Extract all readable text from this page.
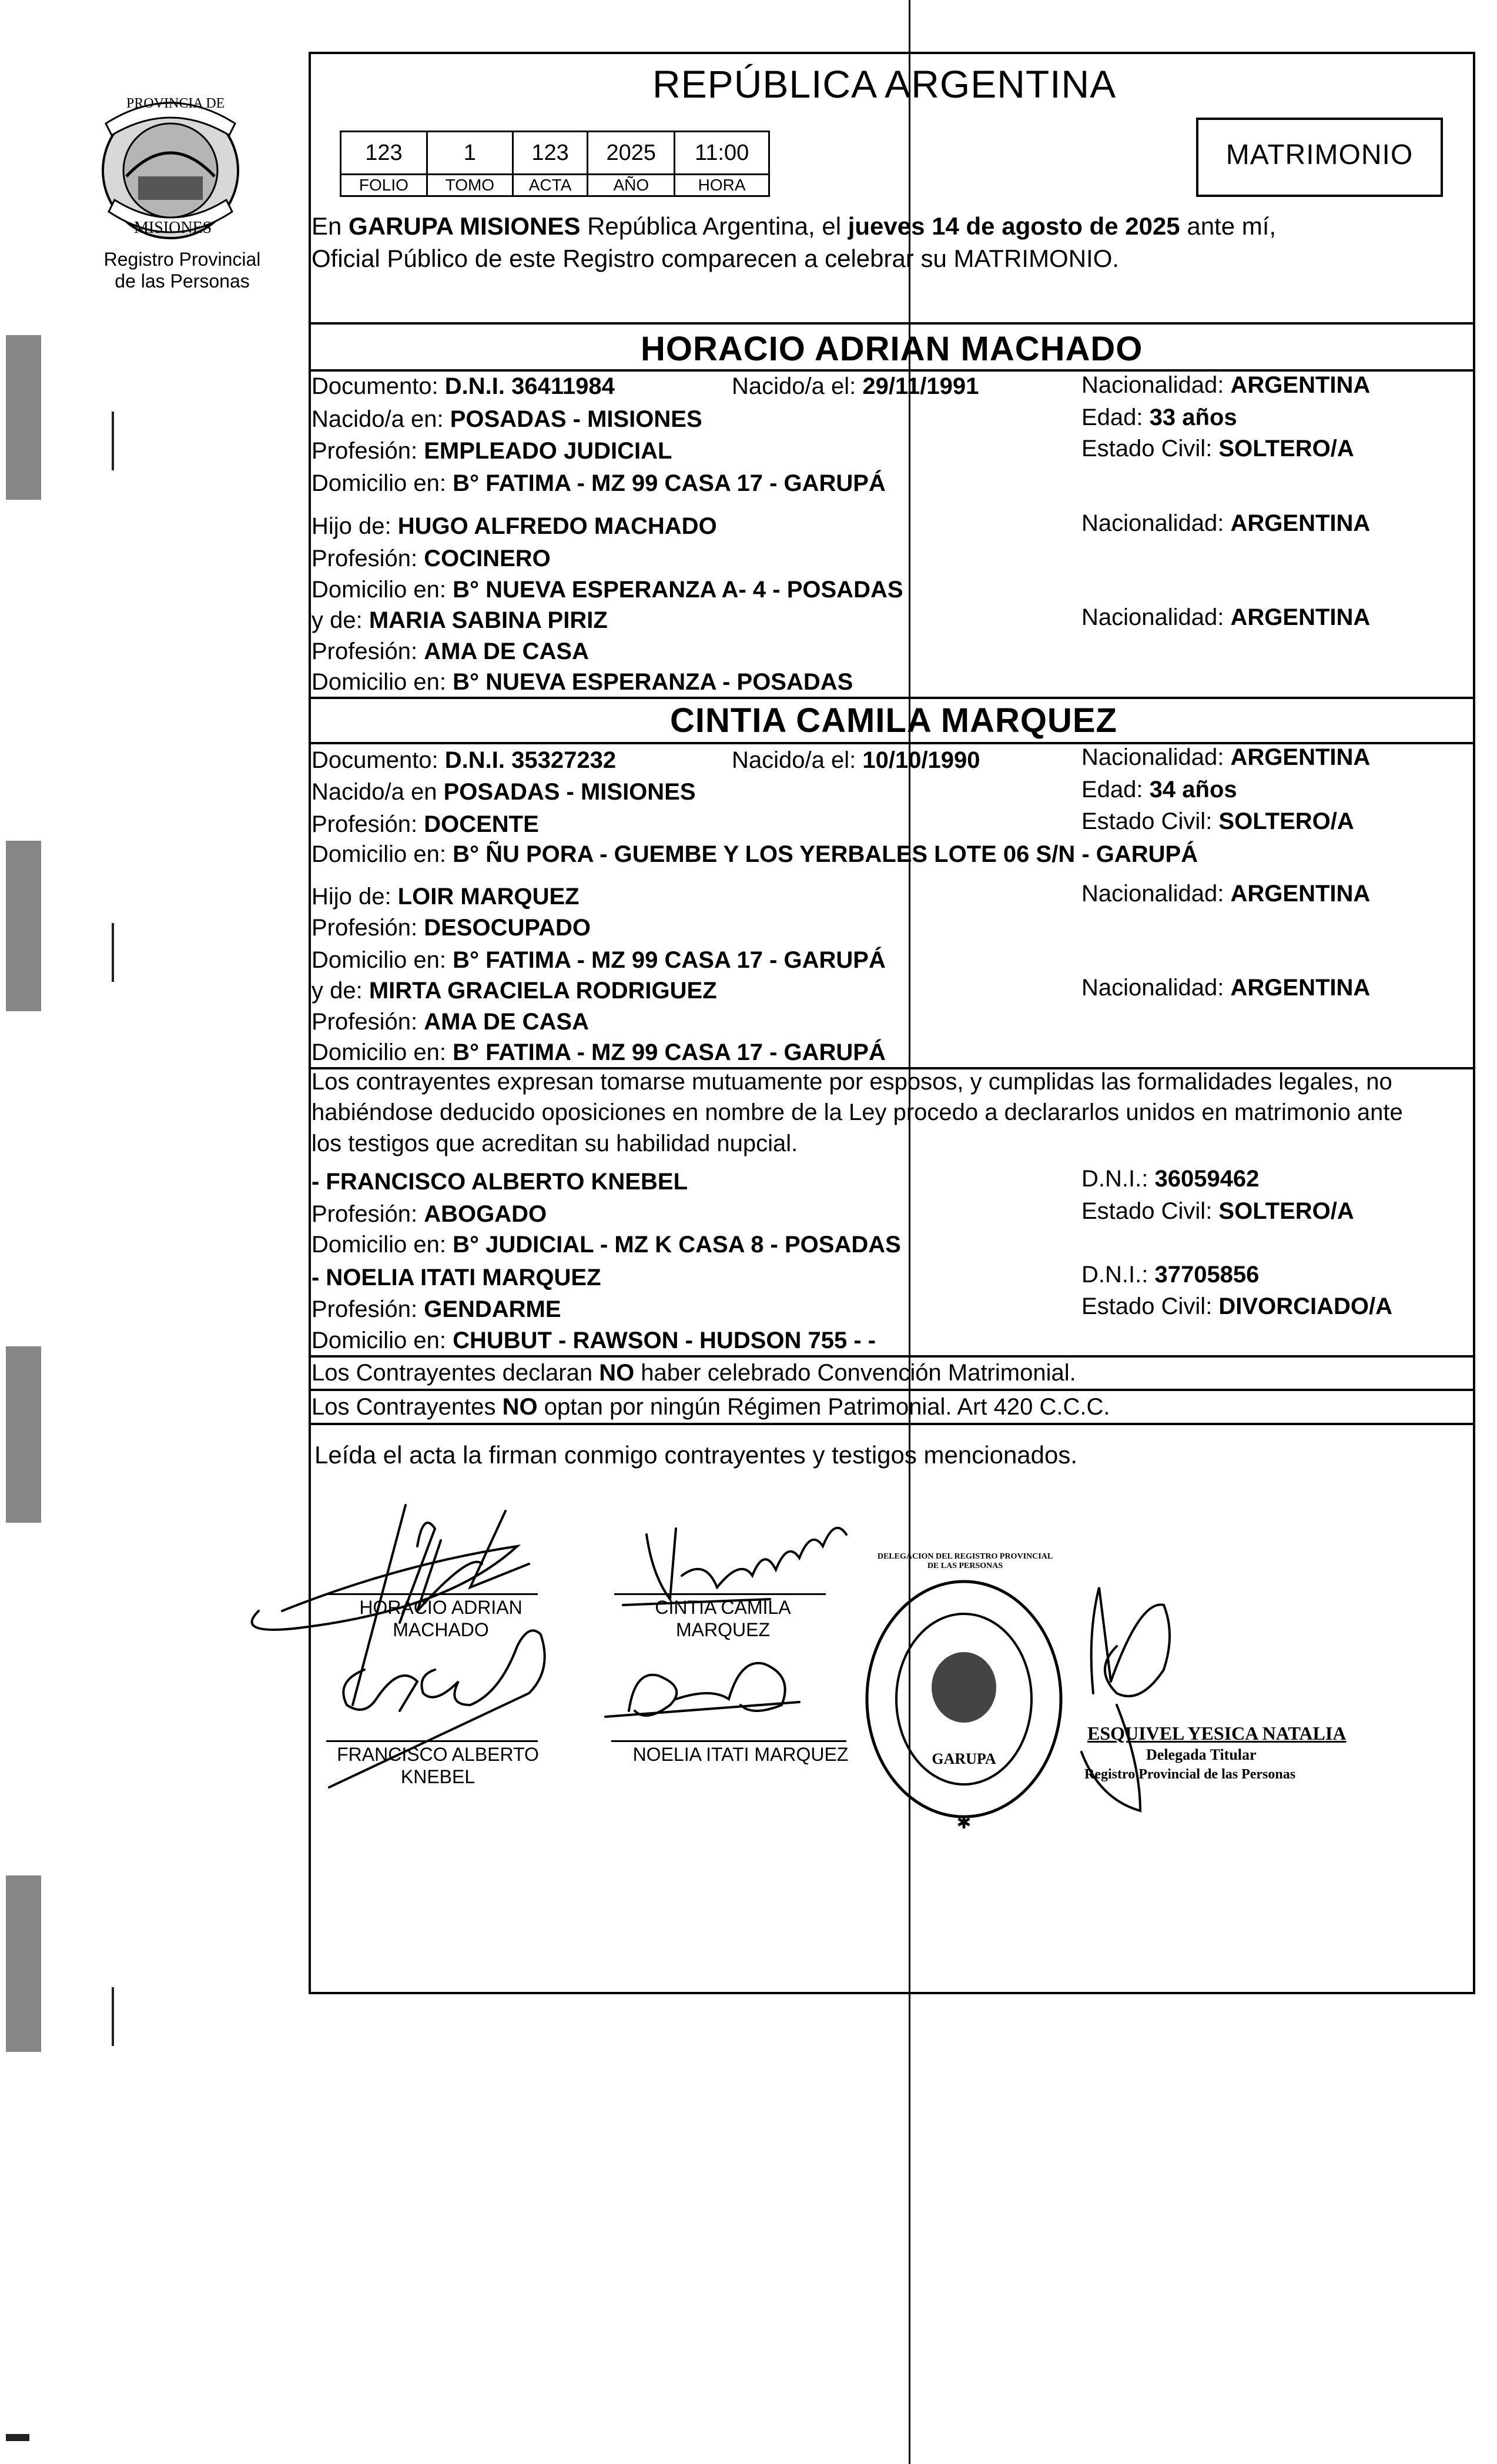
PROVINCIA DE
MISIONES
Registro Provincial
de las Personas
REPÚBLICA ARGENTINA
123	1	123	2025	11:00
FOLIO	TOMO	ACTA	AÑO	HORA
MATRIMONIO
En GARUPA MISIONES República Argentina, el jueves 14 de agosto de 2025 ante mí,
Oficial Público de este Registro comparecen a celebrar su MATRIMONIO.
HORACIO ADRIAN MACHADO
Documento: D.N.I. 36411984	Nacido/a el: 29/11/1991	Nacionalidad: ARGENTINA
Nacido/a en: POSADAS - MISIONES	Edad: 33 años
Profesión: EMPLEADO JUDICIAL	Estado Civil: SOLTERO/A
Domicilio en: B° FATIMA - MZ 99 CASA 17 - GARUPÁ
Hijo de: HUGO ALFREDO MACHADO	Nacionalidad: ARGENTINA
Profesión: COCINERO
Domicilio en: B° NUEVA ESPERANZA A- 4 - POSADAS
y de: MARIA SABINA PIRIZ	Nacionalidad: ARGENTINA
Profesión: AMA DE CASA
Domicilio en: B° NUEVA ESPERANZA - POSADAS
CINTIA CAMILA MARQUEZ
Documento: D.N.I. 35327232	Nacido/a el: 10/10/1990	Nacionalidad: ARGENTINA
Nacido/a en POSADAS - MISIONES	Edad: 34 años
Profesión: DOCENTE	Estado Civil: SOLTERO/A
Domicilio en: B° ÑU PORA - GUEMBE Y LOS YERBALES LOTE 06 S/N - GARUPÁ
Hijo de: LOIR MARQUEZ	Nacionalidad: ARGENTINA
Profesión: DESOCUPADO
Domicilio en: B° FATIMA - MZ 99 CASA 17 - GARUPÁ
y de: MIRTA GRACIELA RODRIGUEZ	Nacionalidad: ARGENTINA
Profesión: AMA DE CASA
Domicilio en: B° FATIMA - MZ 99 CASA 17 - GARUPÁ
Los contrayentes expresan tomarse mutuamente por esposos, y cumplidas las formalidades legales, no
habiéndose deducido oposiciones en nombre de la Ley procedo a declararlos unidos en matrimonio ante
los testigos que acreditan su habilidad nupcial.
- FRANCISCO ALBERTO KNEBEL	D.N.I.: 36059462
Profesión: ABOGADO	Estado Civil: SOLTERO/A
Domicilio en: B° JUDICIAL - MZ K CASA 8 - POSADAS
- NOELIA ITATI MARQUEZ	D.N.I.: 37705856
Profesión: GENDARME	Estado Civil: DIVORCIADO/A
Domicilio en: CHUBUT - RAWSON - HUDSON 755 - -
Los Contrayentes declaran NO haber celebrado Convención Matrimonial.
Los Contrayentes NO optan por ningún Régimen Patrimonial. Art 420 C.C.C.
Leída el acta la firman conmigo contrayentes y testigos mencionados.
HORACIO ADRIAN
MACHADO
CINTIA CAMILA
MARQUEZ
FRANCISCO ALBERTO
KNEBEL
NOELIA ITATI MARQUEZ	GARUPA
✱
DELEGACION DEL REGISTRO PROVINCIAL DE LAS PERSONAS
ESQUIVEL YESICA NATALIA
Delegada Titular
Registro Provincial de las Personas
